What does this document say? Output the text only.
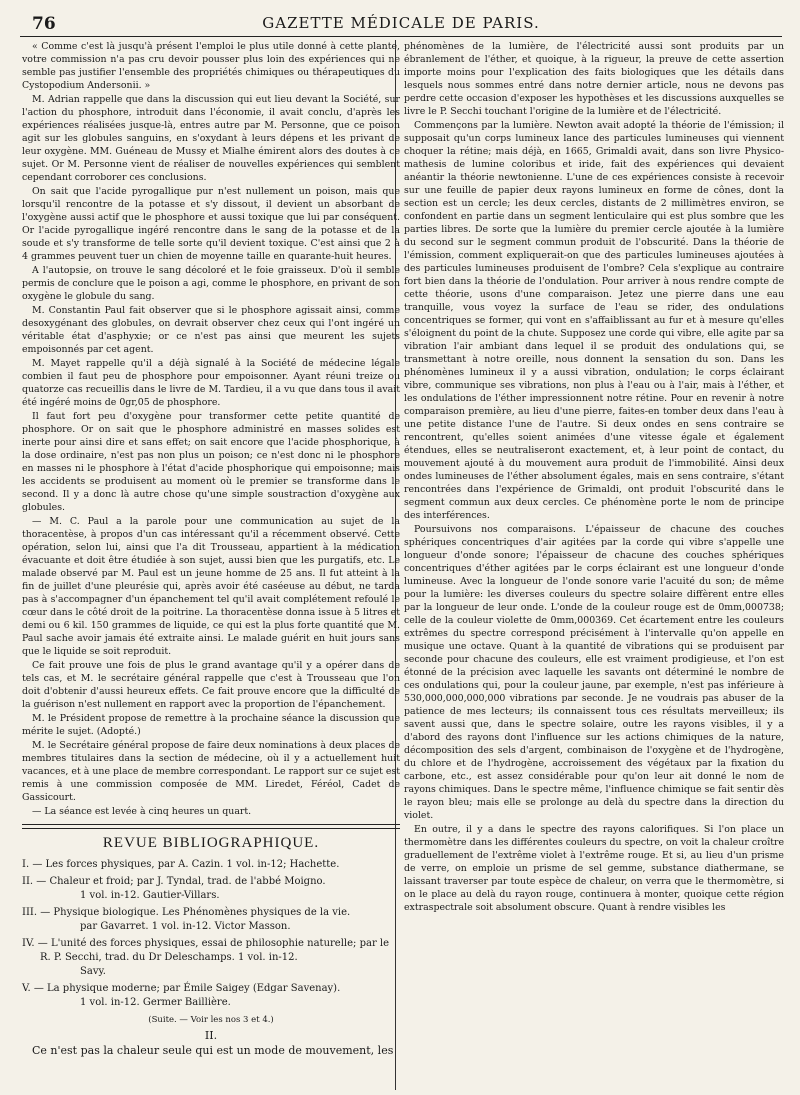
76	GAZETTE MÉDICALE DE PARIS.

« Comme c'est là jusqu'à présent l'emploi le plus utile donné à cette plante, votre commission n'a pas cru devoir pousser plus loin des expériences qui ne semble pas justifier l'ensemble des propriétés chimiques ou thérapeutiques du Cystopodium Andersonii. »

M. Adrian rappelle que dans la discussion qui eut lieu devant la Société, sur l'action du phosphore, introduit dans l'économie, il avait conclu, d'après les expériences réalisées jusque-là, entres autre par M. Personne, que ce poison agit sur les globules sanguins, en s'oxydant à leurs dépens et les privant de leur oxygène. MM. Guéneau de Mussy et Mialhe émirent alors des doutes à ce sujet. Or M. Personne vient de réaliser de nouvelles expériences qui semblent cependant corroborer ces conclusions.

On sait que l'acide pyrogallique pur n'est nullement un poison, mais que lorsqu'il rencontre de la potasse et s'y dissout, il devient un absorbant de l'oxygène aussi actif que le phosphore et aussi toxique que lui par conséquent. Or l'acide pyrogallique ingéré rencontre dans le sang de la potasse et de la soude et s'y transforme de telle sorte qu'il devient toxique. C'est ainsi que 2 à 4 grammes peuvent tuer un chien de moyenne taille en quarante-huit heures.

A l'autopsie, on trouve le sang décoloré et le foie graisseux. D'où il semble permis de conclure que le poison a agi, comme le phosphore, en privant de son oxygène le globule du sang.

M. Constantin Paul fait observer que si le phosphore agissait ainsi, comme desoxygénant des globules, on devrait observer chez ceux qui l'ont ingéré un véritable état d'asphyxie; or ce n'est pas ainsi que meurent les sujets empoisonnés par cet agent.

M. Mayet rappelle qu'il a déjà signalé à la Société de médecine légale combien il faut peu de phosphore pour empoisonner. Ayant réuni treize ou quatorze cas recueillis dans le livre de M. Tardieu, il a vu que dans tous il avait été ingéré moins de 0gr,05 de phosphore.

Il faut fort peu d'oxygène pour transformer cette petite quantité de phosphore. Or on sait que le phosphore administré en masses solides est inerte pour ainsi dire et sans effet; on sait encore que l'acide phosphorique, à la dose ordinaire, n'est pas non plus un poison; ce n'est donc ni le phosphore en masses ni le phosphore à l'état d'acide phosphorique qui empoisonne; mais les accidents se produisent au moment où le premier se transforme dans le second. Il y a donc là autre chose qu'une simple soustraction d'oxygène aux globules.

— M. C. Paul a la parole pour une communication au sujet de la thoracentèse, à propos d'un cas intéressant qu'il a récemment observé. Cette opération, selon lui, ainsi que l'a dit Trousseau, appartient à la médication évacuante et doit être étudiée à son sujet, aussi bien que les purgatifs, etc. Le malade observé par M. Paul est un jeune homme de 25 ans. Il fut atteint à la fin de juillet d'une pleurésie qui, après avoir été caséeuse au début, ne tarda pas à s'accompagner d'un épanchement tel qu'il avait complétement refoulé le cœur dans le côté droit de la poitrine. La thoracentèse donna issue à 5 litres et demi ou 6 kil. 150 grammes de liquide, ce qui est la plus forte quantité que M. Paul sache avoir jamais été extraite ainsi. Le malade guérit en huit jours sans que le liquide se soit reproduit.

Ce fait prouve une fois de plus le grand avantage qu'il y a opérer dans de tels cas, et M. le secrétaire général rappelle que c'est à Trousseau que l'on doit d'obtenir d'aussi heureux effets. Ce fait prouve encore que la difficulté de la guérison n'est nullement en rapport avec la proportion de l'épanchement.

M. le Président propose de remettre à la prochaine séance la discussion que mérite le sujet. (Adopté.)

M. le Secrétaire général propose de faire deux nominations à deux places de membres titulaires dans la section de médecine, où il y a actuellement huit vacances, et à une place de membre correspondant. Le rapport sur ce sujet est remis à une commission composée de MM. Liredet, Féréol, Cadet de Gassicourt.

— La séance est levée à cinq heures un quart.

REVUE BIBLIOGRAPHIQUE.
I. — Les forces physiques, par A. Cazin. 1 vol. in-12; Hachette.
II. — Chaleur et froid; par J. Tyndal, trad. de l'abbé Moigno.
1 vol. in-12. Gautier-Villars.
III. — Physique biologique. Les Phénomènes physiques de la vie.
par Gavarret. 1 vol. in-12. Victor Masson.
IV. — L'unité des forces physiques, essai de philosophie naturelle; par le R. P. Secchi, trad. du Dr Deleschamps. 1 vol. in-12.
Savy.
V. — La physique moderne; par Émile Saigey (Edgar Savenay).
1 vol. in-12. Germer Baillière.
(Suite. — Voir les nos 3 et 4.)
II.

Ce n'est pas la chaleur seule qui est un mode de mouvement, les

phénomènes de la lumière, de l'électricité aussi sont produits par un ébranlement de l'éther, et quoique, à la rigueur, la preuve de cette assertion importe moins pour l'explication des faits biologiques que les détails dans lesquels nous sommes entré dans notre dernier article, nous ne devons pas perdre cette occasion d'exposer les hypothèses et les discussions auxquelles se livre le P. Secchi touchant l'origine de la lumière et de l'électricité.

Commençons par la lumière. Newton avait adopté la théorie de l'émission; il supposait qu'un corps lumineux lance des particules lumineuses qui viennent choquer la rétine; mais déjà, en 1665, Grimaldi avait, dans son livre Physico-mathesis de lumine coloribus et iride, fait des expériences qui devaient anéantir la théorie newtonienne. L'une de ces expériences consiste à recevoir sur une feuille de papier deux rayons lumineux en forme de cônes, dont la section est un cercle; les deux cercles, distants de 2 millimètres environ, se confondent en partie dans un segment lenticulaire qui est plus sombre que les parties libres. De sorte que la lumière du premier cercle ajoutée à la lumière du second sur le segment commun produit de l'obscurité. Dans la théorie de l'émission, comment expliquerait-on que des particules lumineuses ajoutées à des particules lumineuses produisent de l'ombre? Cela s'explique au contraire fort bien dans la théorie de l'ondulation. Pour arriver à nous rendre compte de cette théorie, usons d'une comparaison. Jetez une pierre dans une eau tranquille, vous voyez la surface de l'eau se rider, des ondulations concentriques se former, qui vont en s'affaiblissant au fur et à mesure qu'elles s'éloignent du point de la chute. Supposez une corde qui vibre, elle agite par sa vibration l'air ambiant dans lequel il se produit des ondulations qui, se transmettant à notre oreille, nous donnent la sensation du son. Dans les phénomènes lumineux il y a aussi vibration, ondulation; le corps éclairant vibre, communique ses vibrations, non plus à l'eau ou à l'air, mais à l'éther, et les ondulations de l'éther impressionnent notre rétine. Pour en revenir à notre comparaison première, au lieu d'une pierre, faites-en tomber deux dans l'eau à une petite distance l'une de l'autre. Si deux ondes en sens contraire se rencontrent, qu'elles soient animées d'une vitesse égale et également étendues, elles se neutraliseront exactement, et, à leur point de contact, du mouvement ajouté à du mouvement aura produit de l'immobilité. Ainsi deux ondes lumineuses de l'éther absolument égales, mais en sens contraire, s'étant rencontrées dans l'expérience de Grimaldi, ont produit l'obscurité dans le segment commun aux deux cercles. Ce phénomène porte le nom de principe des interférences.

Poursuivons nos comparaisons. L'épaisseur de chacune des couches sphériques concentriques d'air agitées par la corde qui vibre s'appelle une longueur d'onde sonore; l'épaisseur de chacune des couches sphériques concentriques d'éther agitées par le corps éclairant est une longueur d'onde lumineuse. Avec la longueur de l'onde sonore varie l'acuité du son; de même pour la lumière: les diverses couleurs du spectre solaire diffèrent entre elles par la longueur de leur onde. L'onde de la couleur rouge est de 0mm,000738; celle de la couleur violette de 0mm,000369. Cet écartement entre les couleurs extrêmes du spectre correspond précisément à l'intervalle qu'on appelle en musique une octave. Quant à la quantité de vibrations qui se produisent par seconde pour chacune des couleurs, elle est vraiment prodigieuse, et l'on est étonné de la précision avec laquelle les savants ont déterminé le nombre de ces ondulations qui, pour la couleur jaune, par exemple, n'est pas inférieure à 530,000,000,000,000 vibrations par seconde. Je ne voudrais pas abuser de la patience de mes lecteurs; ils connaissent tous ces résultats merveilleux; ils savent aussi que, dans le spectre solaire, outre les rayons visibles, il y a d'abord des rayons dont l'influence sur les actions chimiques de la nature, décomposition des sels d'argent, combinaison de l'oxygène et de l'hydrogène, du chlore et de l'hydrogène, accroissement des végétaux par la fixation du carbone, etc., est assez considérable pour qu'on leur ait donné le nom de rayons chimiques. Dans le spectre même, l'influence chimique se fait sentir dès le rayon bleu; mais elle se prolonge au delà du spectre dans la direction du violet.

En outre, il y a dans le spectre des rayons calorifiques. Si l'on place un thermomètre dans les différentes couleurs du spectre, on voit la chaleur croître graduellement de l'extrême violet à l'extrême rouge. Et si, au lieu d'un prisme de verre, on emploie un prisme de sel gemme, substance diathermane, se laissant traverser par toute espèce de chaleur, on verra que le thermomètre, si on le place au delà du rayon rouge, continuera à monter, quoique cette région extraspectrale soit absolument obscure. Quant à rendre visibles les
